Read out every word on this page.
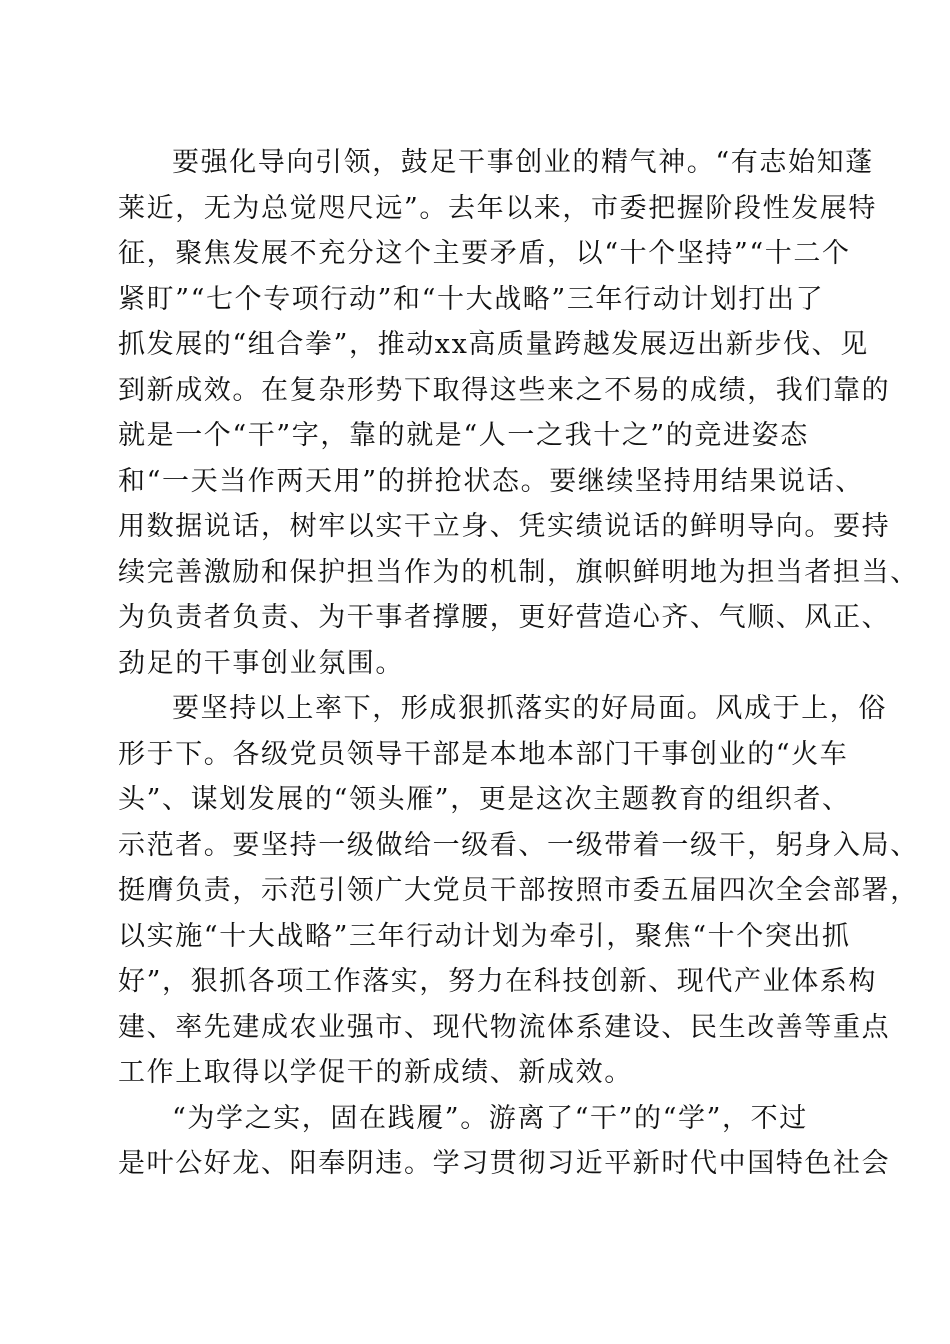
要强化导向引领，鼓足干事创业的精气神。“有志始知蓬
莱近，无为总觉咫尺远”。去年以来，市委把握阶段性发展特
征，聚焦发展不充分这个主要矛盾，以“十个坚持”“十二个
紧盯”“七个专项行动”和“十大战略”三年行动计划打出了
抓发展的“组合拳”，推动xx高质量跨越发展迈出新步伐、见
到新成效。在复杂形势下取得这些来之不易的成绩，我们靠的
就是一个“干”字，靠的就是“人一之我十之”的竞进姿态
和“一天当作两天用”的拼抢状态。要继续坚持用结果说话、
用数据说话，树牢以实干立身、凭实绩说话的鲜明导向。要持
续完善激励和保护担当作为的机制，旗帜鲜明地为担当者担当、
为负责者负责、为干事者撑腰，更好营造心齐、气顺、风正、
劲足的干事创业氛围。
要坚持以上率下，形成狠抓落实的好局面。风成于上，俗
形于下。各级党员领导干部是本地本部门干事创业的“火车
头”、谋划发展的“领头雁”，更是这次主题教育的组织者、
示范者。要坚持一级做给一级看、一级带着一级干，躬身入局、
挺膺负责，示范引领广大党员干部按照市委五届四次全会部署，
以实施“十大战略”三年行动计划为牵引，聚焦“十个突出抓
好”，狠抓各项工作落实，努力在科技创新、现代产业体系构
建、率先建成农业强市、现代物流体系建设、民生改善等重点
工作上取得以学促干的新成绩、新成效。
“为学之实，固在践履”。游离了“干”的“学”，不过
是叶公好龙、阳奉阴违。学习贯彻习近平新时代中国特色社会
